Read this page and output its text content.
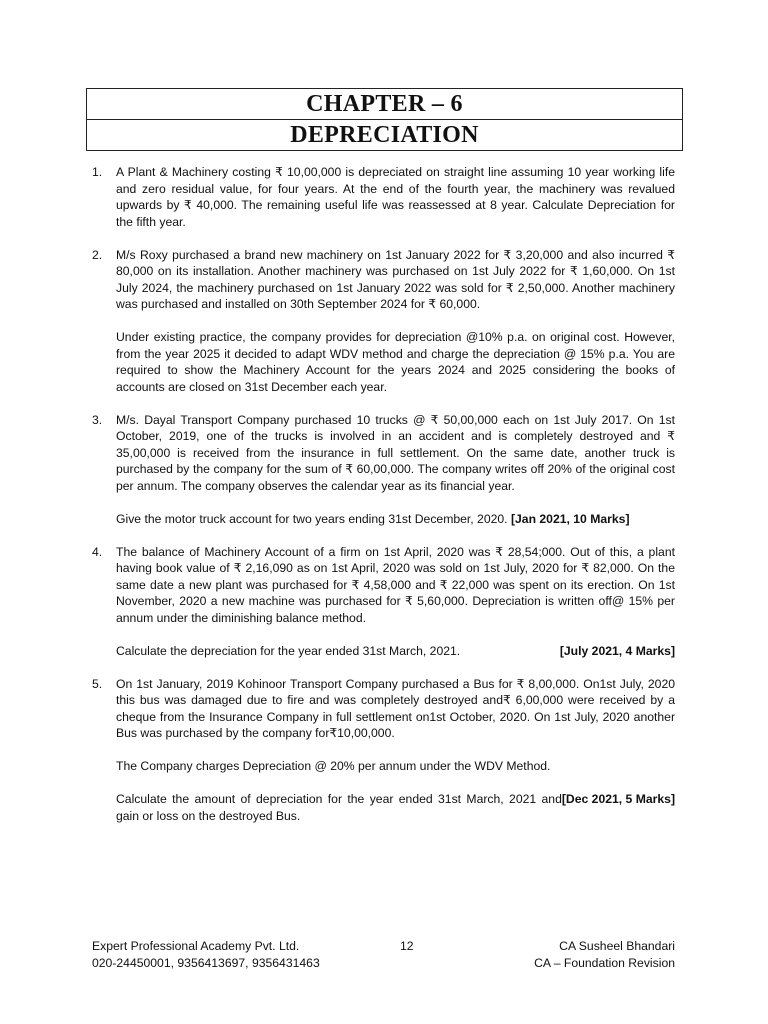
CHAPTER – 6
DEPRECIATION
1.	A Plant & Machinery costing ₹ 10,00,000 is depreciated on straight line assuming 10 year working life and zero residual value, for four years. At the end of the fourth year, the machinery was revalued upwards by ₹ 40,000. The remaining useful life was reassessed at 8 year. Calculate Depreciation for the fifth year.

2.	M/s Roxy purchased a brand new machinery on 1st January 2022 for ₹ 3,20,000 and also incurred ₹ 80,000 on its installation. Another machinery was purchased on 1st July 2022 for ₹ 1,60,000. On 1st July 2024, the machinery purchased on 1st January 2022 was sold for ₹ 2,50,000. Another machinery was purchased and installed on 30th September 2024 for ₹ 60,000.

Under existing practice, the company provides for depreciation @10% p.a. on original cost. However, from the year 2025 it decided to adapt WDV method and charge the depreciation @ 15% p.a. You are required to show the Machinery Account for the years 2024 and 2025 considering the books of accounts are closed on 31st December each year.

3.	M/s. Dayal Transport Company purchased 10 trucks @ ₹ 50,00,000 each on 1st July 2017. On 1st October, 2019, one of the trucks is involved in an accident and is completely destroyed and ₹ 35,00,000 is received from the insurance in full settlement. On the same date, another truck is purchased by the company for the sum of ₹ 60,00,000. The company writes off 20% of the original cost per annum. The company observes the calendar year as its financial year.

Give the motor truck account for two years ending 31st December, 2020. [Jan 2021, 10 Marks]

4.	The balance of Machinery Account of a firm on 1st April, 2020 was ₹ 28,54;000. Out of this, a plant having book value of ₹ 2,16,090 as on 1st April, 2020 was sold on 1st July, 2020 for ₹ 82,000. On the same date a new plant was purchased for ₹ 4,58,000 and ₹ 22,000 was spent on its erection. On 1st November, 2020 a new machine was purchased for ₹ 5,60,000. Depreciation is written off@ 15% per annum under the diminishing balance method.

[July 2021, 4 Marks]
Calculate the depreciation for the year ended 31st March, 2021.

5.	On 1st January, 2019 Kohinoor Transport Company purchased a Bus for ₹ 8,00,000. On1st July, 2020 this bus was damaged due to fire and was completely destroyed and₹ 6,00,000 were received by a cheque from the Insurance Company in full settlement on1st October, 2020. On 1st July, 2020 another Bus was purchased by the company for₹10,00,000.

The Company charges Depreciation @ 20% per annum under the WDV Method.

[Dec 2021, 5 Marks]
Calculate the amount of depreciation for the year ended 31st March, 2021 and gain or loss on the destroyed Bus.

Expert Professional Academy Pvt. Ltd.	12	CA Susheel Bhandari
020-24450001, 9356413697, 9356431463	CA – Foundation Revision
